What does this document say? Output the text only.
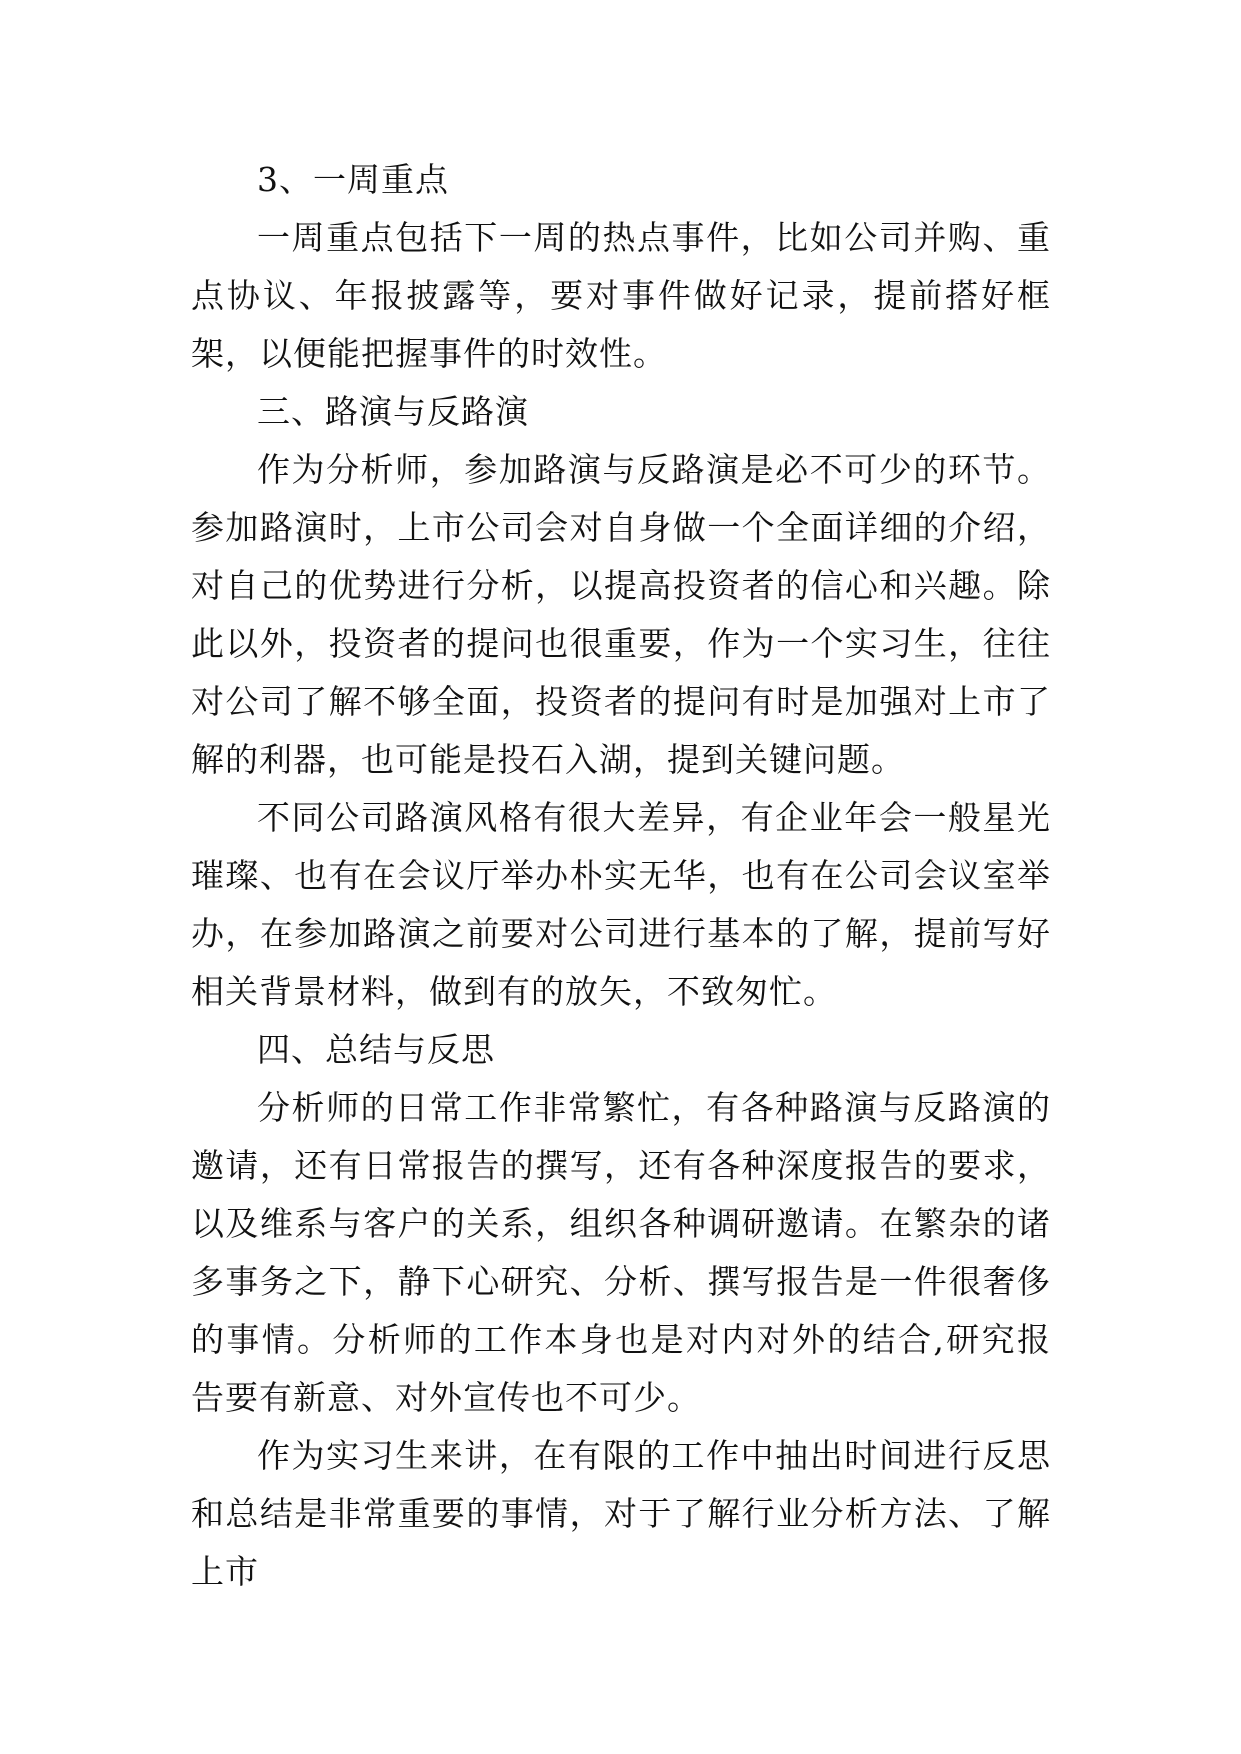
3、一周重点

一周重点包括下一周的热点事件，比如公司并购、重点协议、年报披露等，要对事件做好记录，提前搭好框架，以便能把握事件的时效性。

三、路演与反路演

作为分析师，参加路演与反路演是必不可少的环节。参加路演时，上市公司会对自身做一个全面详细的介绍，对自己的优势进行分析，以提高投资者的信心和兴趣。除此以外，投资者的提问也很重要，作为一个实习生，往往对公司了解不够全面，投资者的提问有时是加强对上市了解的利器，也可能是投石入湖，提到关键问题。

不同公司路演风格有很大差异，有企业年会一般星光璀璨、也有在会议厅举办朴实无华，也有在公司会议室举办，在参加路演之前要对公司进行基本的了解，提前写好相关背景材料，做到有的放矢，不致匆忙。

四、总结与反思

分析师的日常工作非常繁忙，有各种路演与反路演的邀请，还有日常报告的撰写，还有各种深度报告的要求，以及维系与客户的关系，组织各种调研邀请。在繁杂的诸多事务之下，静下心研究、分析、撰写报告是一件很奢侈的事情。分析师的工作本身也是对内对外的结合,研究报告要有新意、对外宣传也不可少。

作为实习生来讲，在有限的工作中抽出时间进行反思和总结是非常重要的事情，对于了解行业分析方法、了解上市
